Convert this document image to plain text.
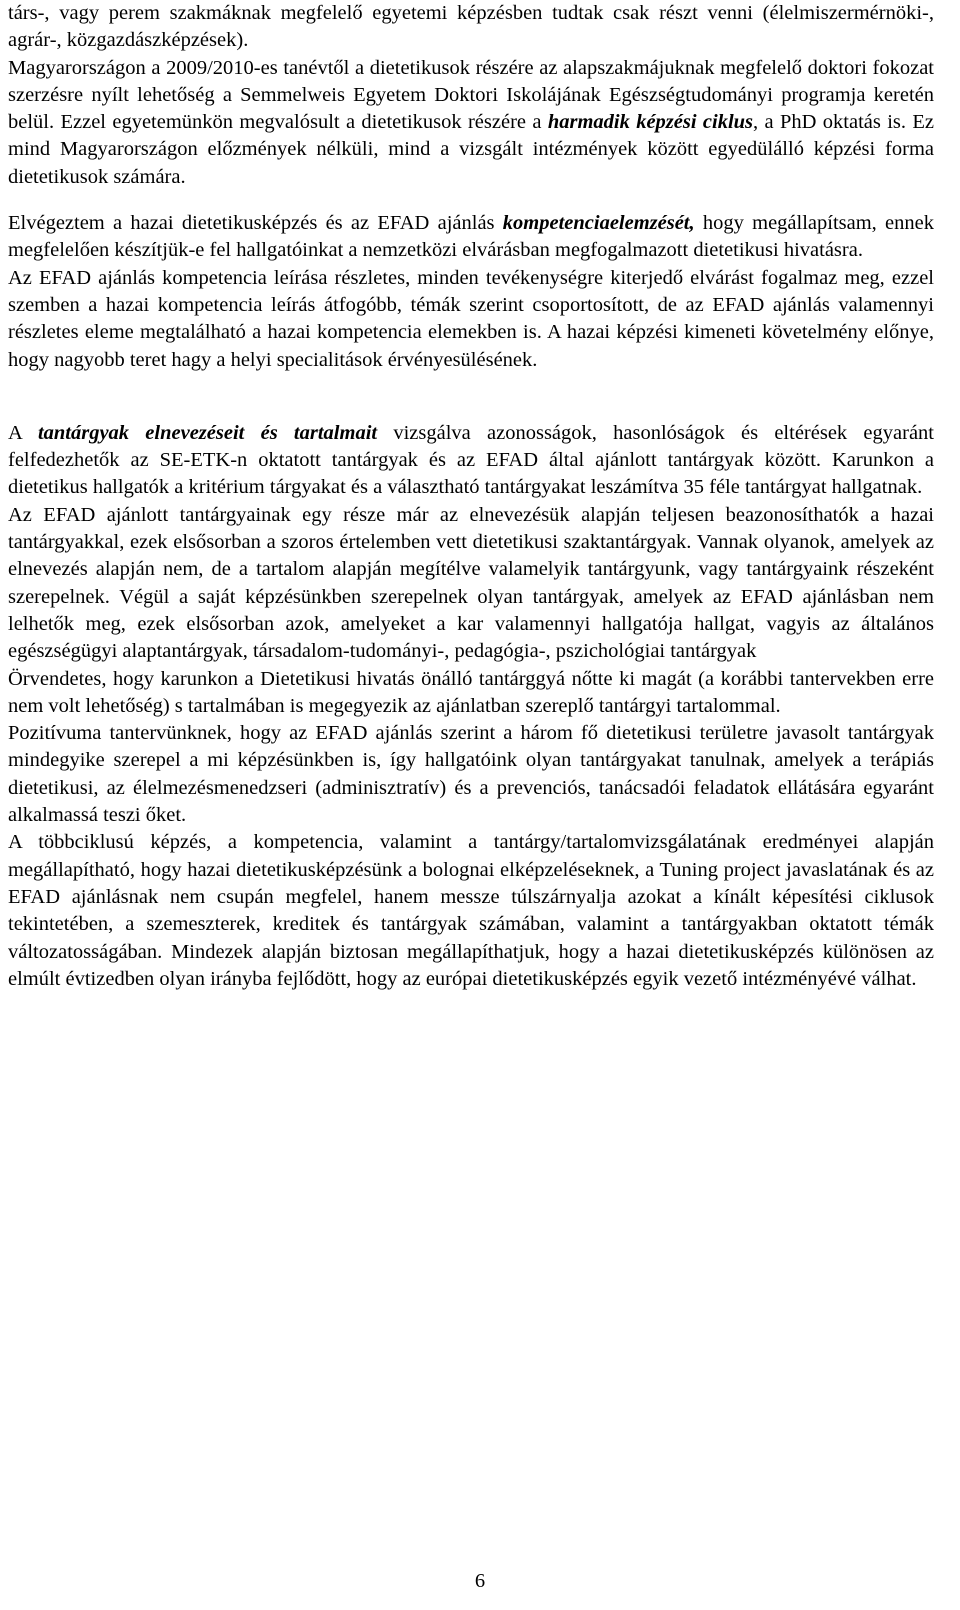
társ-, vagy perem szakmáknak megfelelő egyetemi képzésben tudtak csak részt venni (élelmiszermérnöki-, agrár-, közgazdászképzések).

Magyarországon a 2009/2010-es tanévtől a dietetikusok részére az alapszakmájuknak megfelelő doktori fokozat szerzésre nyílt lehetőség a Semmelweis Egyetem Doktori Iskolájának Egészségtudományi programja keretén belül. Ezzel egyetemünkön megvalósult a dietetikusok részére a harmadik képzési ciklus, a PhD oktatás is. Ez mind Magyarországon előzmények nélküli, mind a vizsgált intézmények között egyedülálló képzési forma dietetikusok számára.

Elvégeztem a hazai dietetikusképzés és az EFAD ajánlás kompetenciaelemzését, hogy megállapítsam, ennek megfelelően készítjük-e fel hallgatóinkat a nemzetközi elvárásban megfogalmazott dietetikusi hivatásra.

Az EFAD ajánlás kompetencia leírása részletes, minden tevékenységre kiterjedő elvárást fogalmaz meg, ezzel szemben a hazai kompetencia leírás átfogóbb, témák szerint csoportosított, de az EFAD ajánlás valamennyi részletes eleme megtalálható a hazai kompetencia elemekben is. A hazai képzési kimeneti követelmény előnye, hogy nagyobb teret hagy a helyi specialitások érvényesülésének.

A tantárgyak elnevezéseit és tartalmait vizsgálva azonosságok, hasonlóságok és eltérések egyaránt felfedezhetők az SE-ETK-n oktatott tantárgyak és az EFAD által ajánlott tantárgyak között. Karunkon a dietetikus hallgatók a kritérium tárgyakat és a választható tantárgyakat leszámítva 35 féle tantárgyat hallgatnak.

Az EFAD ajánlott tantárgyainak egy része már az elnevezésük alapján teljesen beazonosíthatók a hazai tantárgyakkal, ezek elsősorban a szoros értelemben vett dietetikusi szaktantárgyak. Vannak olyanok, amelyek az elnevezés alapján nem, de a tartalom alapján megítélve valamelyik tantárgyunk, vagy tantárgyaink részeként szerepelnek. Végül a saját képzésünkben szerepelnek olyan tantárgyak, amelyek az EFAD ajánlásban nem lelhetők meg, ezek elsősorban azok, amelyeket a kar valamennyi hallgatója hallgat, vagyis az általános egészségügyi alaptantárgyak, társadalom-tudományi-, pedagógia-, pszichológiai tantárgyak

Örvendetes, hogy karunkon a Dietetikusi hivatás önálló tantárggyá nőtte ki magát (a korábbi tantervekben erre nem volt lehetőség) s tartalmában is megegyezik az ajánlatban szereplő tantárgyi tartalommal.

Pozitívuma tantervünknek, hogy az EFAD ajánlás szerint a három fő dietetikusi területre javasolt tantárgyak mindegyike szerepel a mi képzésünkben is, így hallgatóink olyan tantárgyakat tanulnak, amelyek a terápiás dietetikusi, az élelmezésmenedzseri (adminisztratív) és a prevenciós, tanácsadói feladatok ellátására egyaránt alkalmassá teszi őket.

A többciklusú képzés, a kompetencia, valamint a tantárgy/tartalomvizsgálatának eredményei alapján megállapítható, hogy hazai dietetikusképzésünk a bolognai elképzeléseknek, a Tuning project javaslatának és az EFAD ajánlásnak nem csupán megfelel, hanem messze túlszárnyalja azokat a kínált képesítési ciklusok tekintetében, a szemeszterek, kreditek és tantárgyak számában, valamint a tantárgyakban oktatott témák változatosságában. Mindezek alapján biztosan megállapíthatjuk, hogy a hazai dietetikusképzés különösen az elmúlt évtizedben olyan irányba fejlődött, hogy az európai dietetikusképzés egyik vezető intézményévé válhat.

6
